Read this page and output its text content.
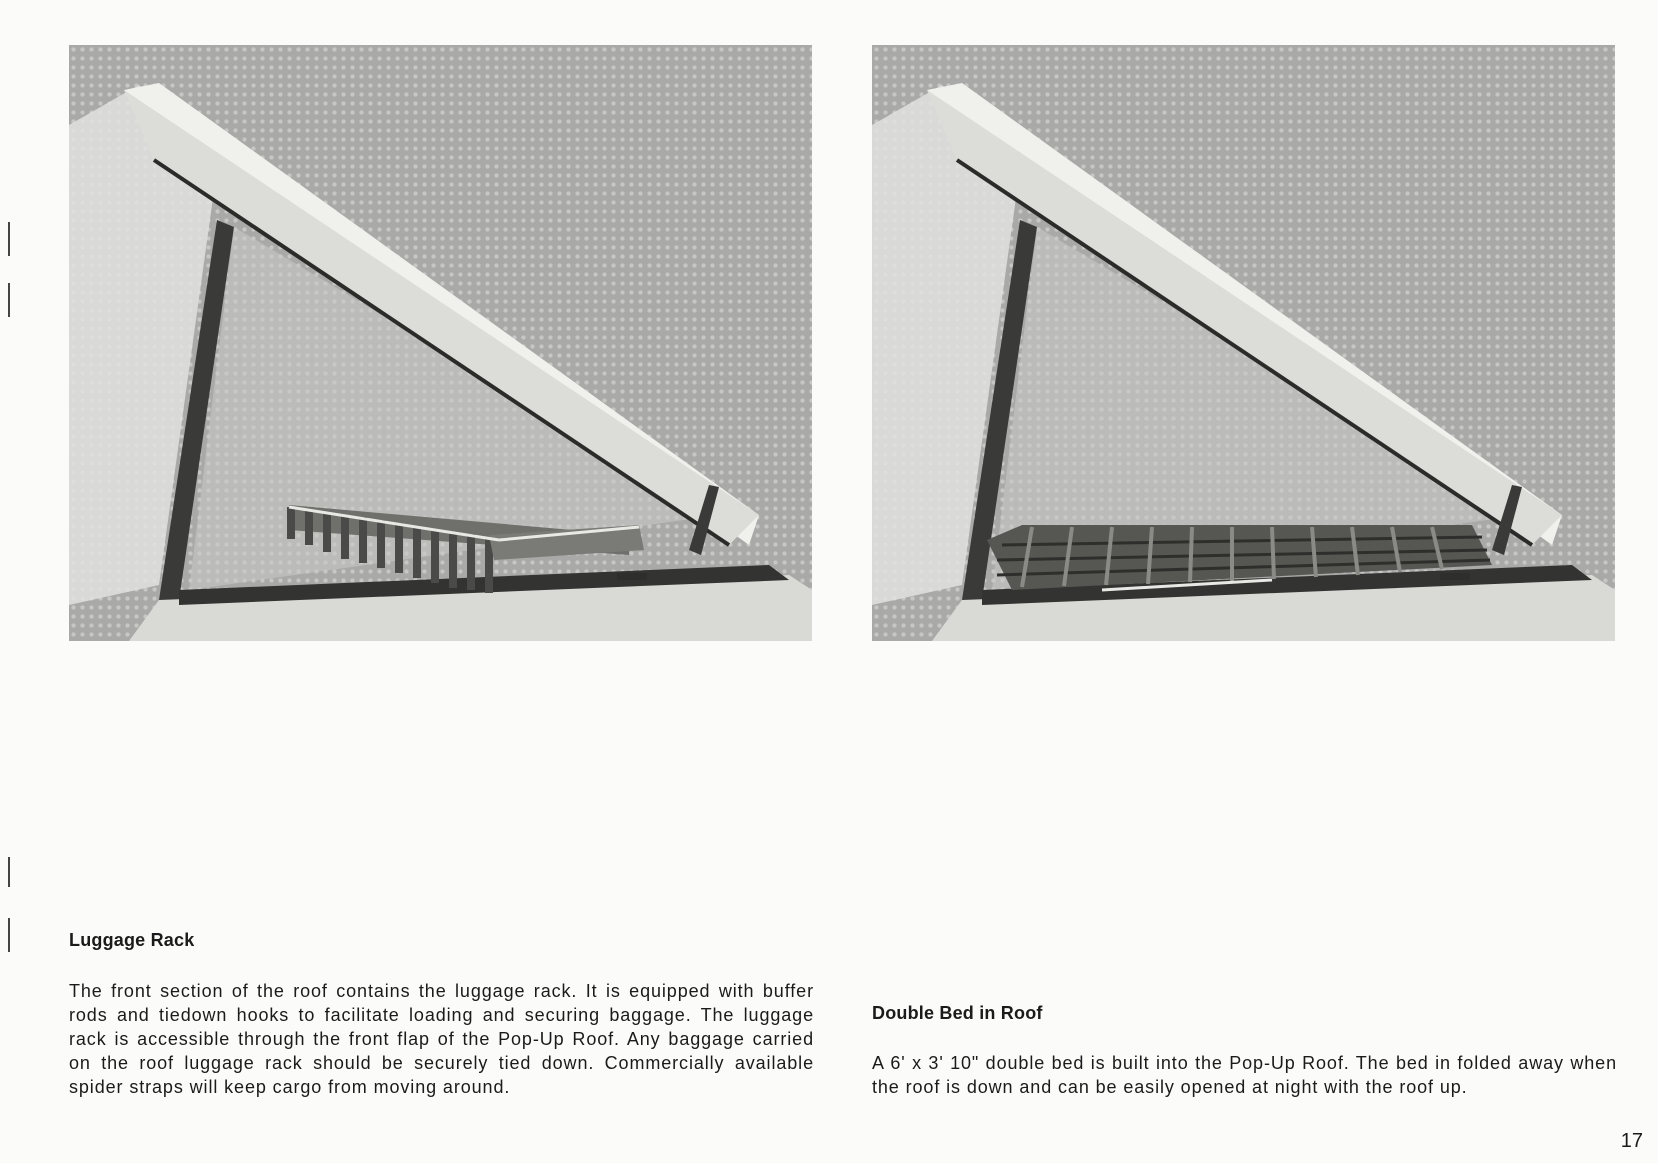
Luggage Rack

The front section of the roof contains the luggage rack. It is equipped with buffer rods and tiedown hooks to facilitate loading and securing baggage. The luggage rack is accessible through the front flap of the Pop-Up Roof. Any baggage carried on the roof luggage rack should be securely tied down. Commercially available spider straps will keep cargo from moving around.

Double Bed in Roof

A 6' x 3' 10" double bed is built into the Pop-Up Roof. The bed in folded away when the roof is down and can be easily opened at night with the roof up.

17
